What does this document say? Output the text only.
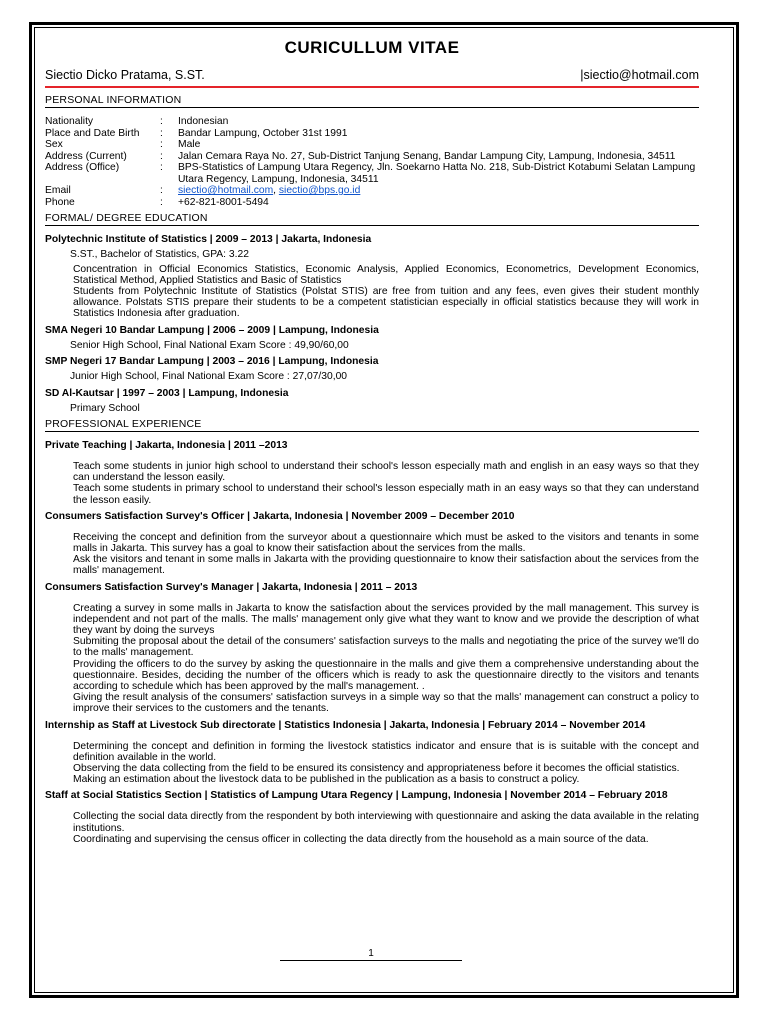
CURICULLUM VITAE
Siectio Dicko Pratama, S.ST.	|siectio@hotmail.com
PERSONAL INFORMATION
Nationality	:	Indonesian
Place and Date Birth	:	Bandar Lampung, October 31st 1991
Sex	:	Male
Address (Current)	:	Jalan Cemara Raya No. 27, Sub-District Tanjung Senang, Bandar Lampung City, Lampung, Indonesia, 34511
Address (Office)	:	BPS-Statistics of Lampung Utara Regency, Jln. Soekarno Hatta No. 218, Sub-District Kotabumi Selatan Lampung Utara Regency, Lampung, Indonesia, 34511
Email	:	siectio@hotmail.com, siectio@bps.go.id
Phone	:	+62-821-8001-5494
FORMAL/ DEGREE EDUCATION
Polytechnic Institute of Statistics | 2009 – 2013 | Jakarta, Indonesia
S.ST., Bachelor of Statistics, GPA: 3.22
Concentration in Official Economics Statistics, Economic Analysis, Applied Economics, Econometrics, Development Economics, Statistical Method, Applied Statistics and Basic of Statistics
Students from Polytechnic Institute of Statistics (Polstat STIS) are free from tuition and any fees, even gives their student monthly allowance. Polstats STIS prepare their students to be a competent statistician especially in official statistics because they will work in Statistics Indonesia after graduation.
SMA Negeri 10 Bandar Lampung | 2006 – 2009 | Lampung, Indonesia
Senior High School, Final National Exam Score : 49,90/60,00
SMP Negeri 17 Bandar Lampung | 2003 – 2016 | Lampung, Indonesia
Junior High School, Final National Exam Score : 27,07/30,00
SD Al-Kautsar | 1997 – 2003 | Lampung, Indonesia
Primary School
PROFESSIONAL EXPERIENCE
Private Teaching | Jakarta, Indonesia | 2011 –2013
Teach some students in junior high school to understand their school's lesson especially math and english in an easy ways so that they can understand the lesson easily.
Teach some students in primary school to understand their school's lesson especially math in an easy ways so that they can understand the lesson easily.
Consumers Satisfaction Survey's Officer | Jakarta, Indonesia | November 2009 – December 2010
Receiving the concept and definition from the surveyor about a questionnaire which must be asked to the visitors and tenants in some malls in Jakarta. This survey has a goal to know their satisfaction about the services from the malls.
Ask the visitors and tenant in some malls in Jakarta with the providing questionnaire to know their satisfaction about the services from the malls' management.
Consumers Satisfaction Survey's Manager | Jakarta, Indonesia | 2011 – 2013
Creating a survey in some malls in Jakarta to know the satisfaction about the services provided by the mall management. This survey is independent and not part of the malls. The malls' management only give what they want to know and we provide the description of what they want by doing the surveys
Submiting the proposal about the detail of the consumers' satisfaction surveys to the malls and negotiating the price of the survey we'll do to the malls' management.
Providing the officers to do the survey by asking the questionnaire in the malls and give them a comprehensive understanding about the questionnaire. Besides, deciding the number of the officers which is ready to ask the questionnaire directly to the visitors and tenants according to schedule which has been approved by the mall's management. .
Giving the result analysis of the consumers' satisfaction surveys in a simple way so that the malls' management can construct a policy to improve their services to the customers and the tenants.
Internship as Staff at Livestock Sub directorate | Statistics Indonesia | Jakarta, Indonesia | February 2014 – November 2014
Determining the concept and definition in forming the livestock statistics indicator and ensure that is is suitable with the concept and definition available in the world.
Observing the data collecting from the field to be ensured its consistency and appropriateness before it becomes the official statistics.
Making an estimation about the livestock data to be published in the publication as a basis to construct a policy.
Staff at Social Statistics Section | Statistics of Lampung Utara Regency | Lampung, Indonesia | November 2014 – February 2018
Collecting the social data directly from the respondent by both interviewing with questionnaire and asking the data available in the relating institutions.
Coordinating and supervising the census officer in collecting the data directly from the household as a main source of the data.
1
